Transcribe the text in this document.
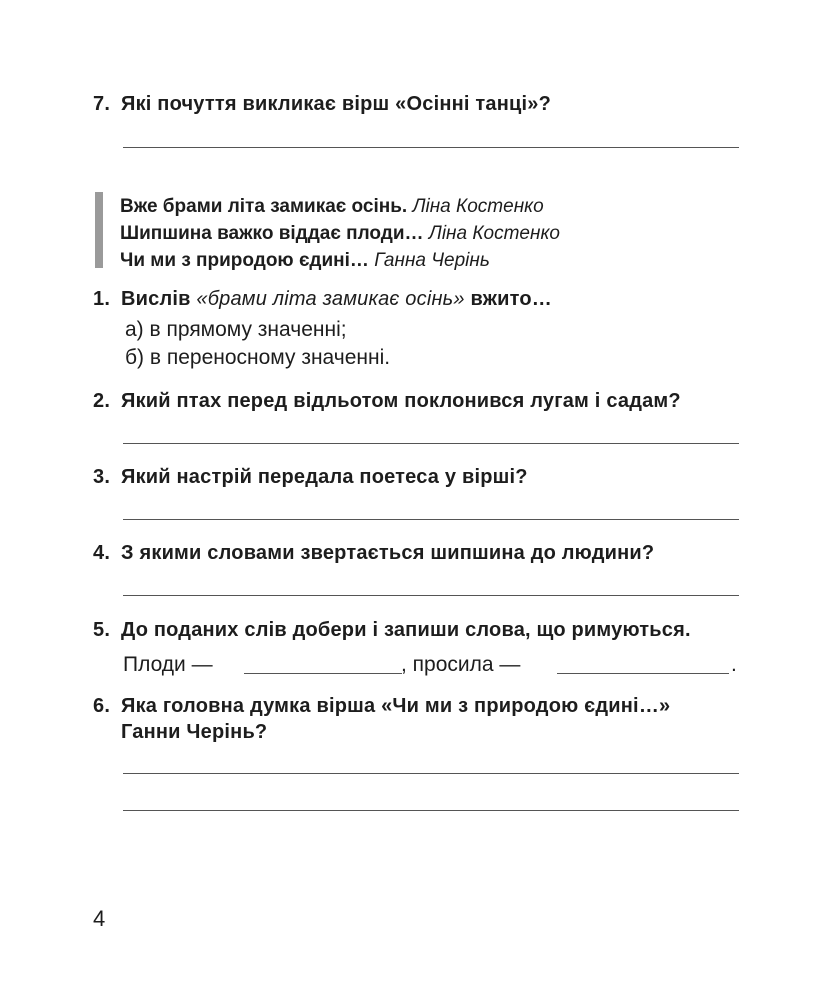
7. Які почуття викликає вірш «Осінні танці»?
Вже брами літа замикає осінь. Ліна Костенко
Шипшина важко віддає плоди… Ліна Костенко
Чи ми з природою єдині… Ганна Черінь
1. Вислів «брами літа замикає осінь» вжито…
а) в прямому значенні;
б) в переносному значенні.
2. Який птах перед відльотом поклонився лугам і садам?
3. Який настрій передала поетеса у вірші?
4. З якими словами звертається шипшина до людини?
5. До поданих слів добери і запиши слова, що римуються.
Плоди —	, просила —	.
6. Яка головна думка вірша «Чи ми з природою єдині…»
Ганни Черінь?
4
